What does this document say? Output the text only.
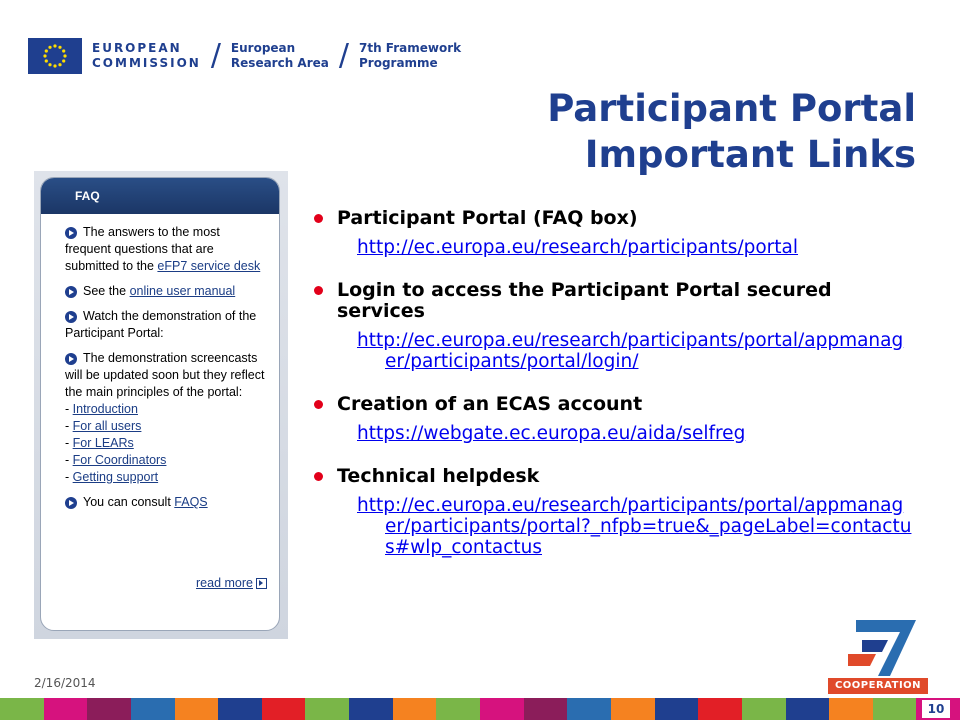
EUROPEAN
COMMISSION / European
Research Area / 7th Framework
Programme
Participant Portal
Important Links
FAQ

The answers to the most frequent questions that are submitted to the eFP7 service desk

See the online user manual

Watch the demonstration of the Participant Portal:

The demonstration screencasts will be updated soon but they reflect the main principles of the portal:

- Introduction
- For all users
- For LEARs
- For Coordinators
- Getting support

You can consult FAQS

read more
Participant Portal (FAQ box)
http://ec.europa.eu/research/participants/portal
Login to access the Participant Portal secured services
http://ec.europa.eu/research/participants/portal/appmanager/participants/portal/login/
Creation of an ECAS account
https://webgate.ec.europa.eu/aida/selfreg
Technical helpdesk
http://ec.europa.eu/research/participants/portal/appmanager/participants/portal?_nfpb=true&_pageLabel=contactus#wlp_contactus
2/16/2014	COOPERATION
10
